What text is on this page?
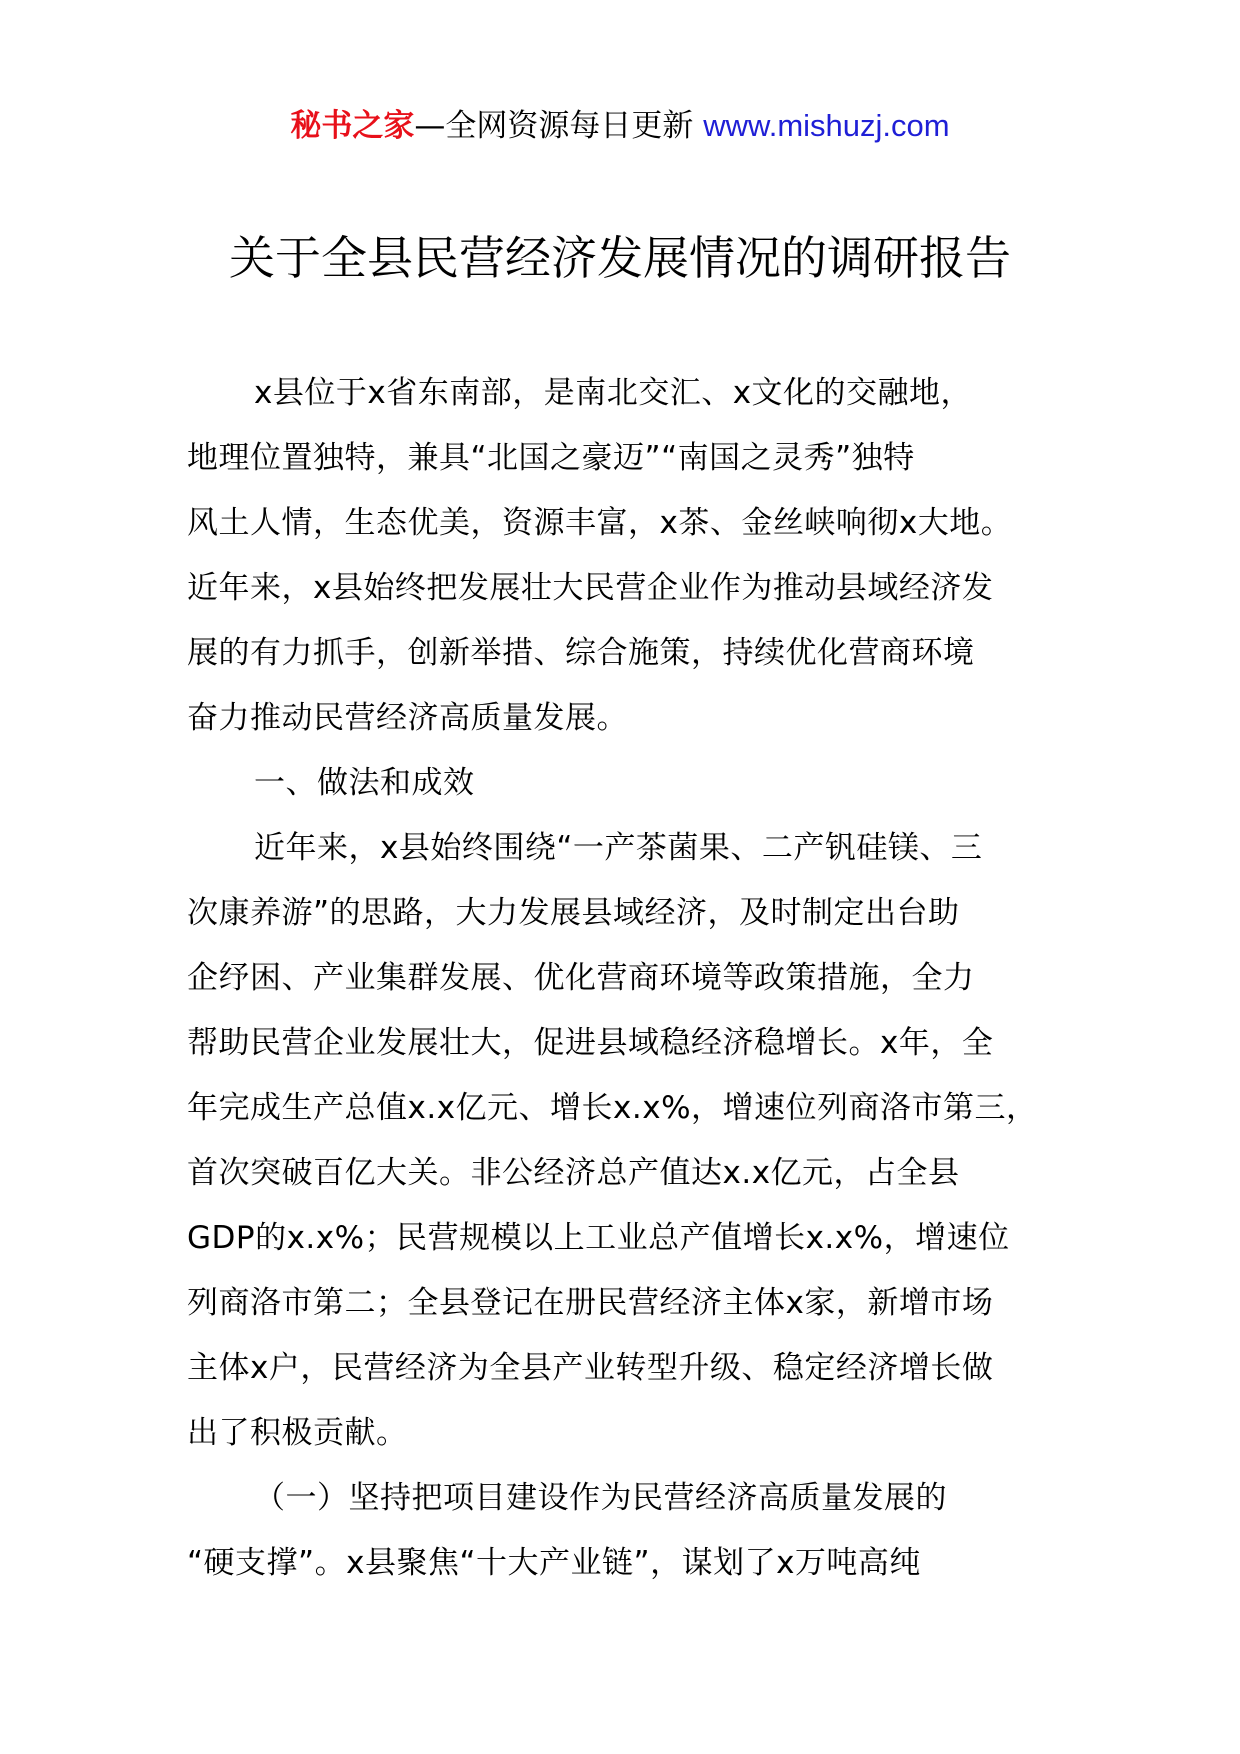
秘书之家—全网资源每日更新 www.mishuzj.com
关于全县民营经济发展情况的调研报告
x县位于x省东南部，是南北交汇、x文化的交融地，
地理位置独特，兼具“北国之豪迈”“南国之灵秀”独特
风土人情，生态优美，资源丰富，x茶、金丝峡响彻x大地。
近年来，x县始终把发展壮大民营企业作为推动县域经济发
展的有力抓手，创新举措、综合施策，持续优化营商环境
奋力推动民营经济高质量发展。
一、做法和成效
近年来，x县始终围绕“一产茶菌果、二产钒硅镁、三
次康养游”的思路，大力发展县域经济，及时制定出台助
企纾困、产业集群发展、优化营商环境等政策措施，全力
帮助民营企业发展壮大，促进县域稳经济稳增长。x年，全
年完成生产总值x.x亿元、增长x.x%，增速位列商洛市第三，
首次突破百亿大关。非公经济总产值达x.x亿元，占全县
GDP的x.x%；民营规模以上工业总产值增长x.x%，增速位
列商洛市第二；全县登记在册民营经济主体x家，新增市场
主体x户，民营经济为全县产业转型升级、稳定经济增长做
出了积极贡献。
（一）坚持把项目建设作为民营经济高质量发展的
“硬支撑”。x县聚焦“十大产业链”，谋划了x万吨高纯
